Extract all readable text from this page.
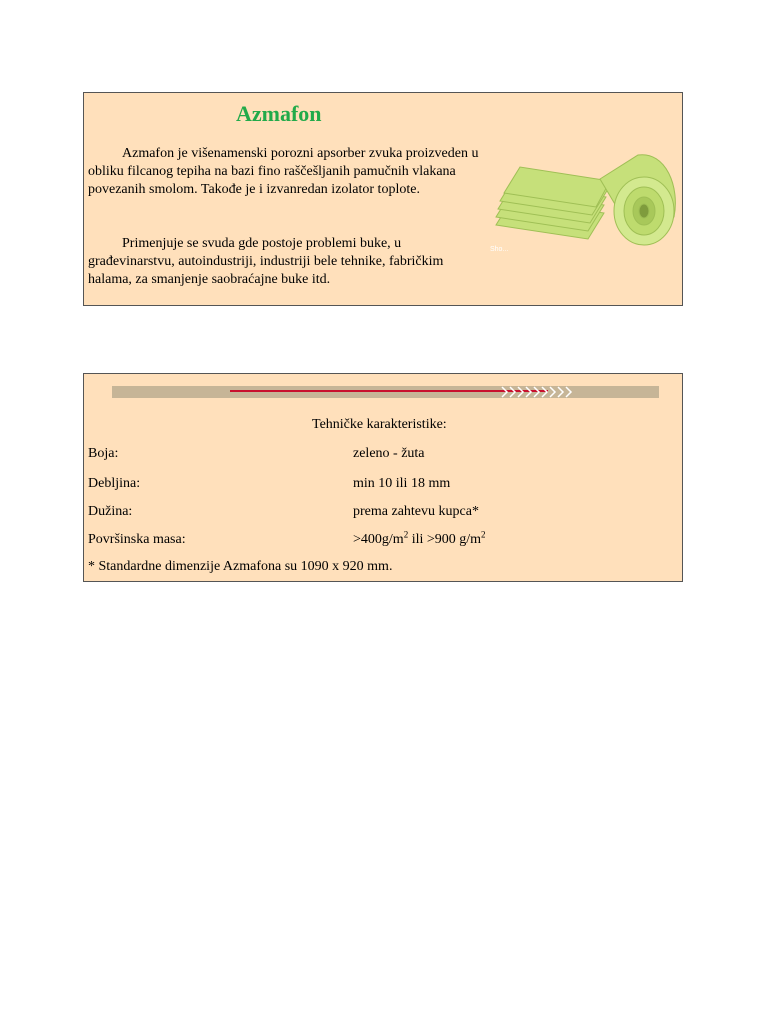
Azmafon
Azmafon je višenamenski porozni apsorber zvuka proizveden u obliku filcanog tepiha na bazi fino raščešljanih pamučnih vlakana povezanih smolom. Takođe je i izvanredan izolator toplote.
Primenjuje se svuda gde postoje problemi buke, u građevinarstvu, autoindustriji, industriji bele tehnike, fabričkim halama, za smanjenje saobraćajne buke itd.
Sho...
Tehničke karakteristike:
Boja:	zeleno - žuta
Debljina:	min 10 ili 18 mm
Dužina:	prema zahtevu kupca*
Površinska masa:	$>400g/m^2$ ili >900 $g/m^2$
* Standardne dimenzije Azmafona su 1090 x 920 mm.
